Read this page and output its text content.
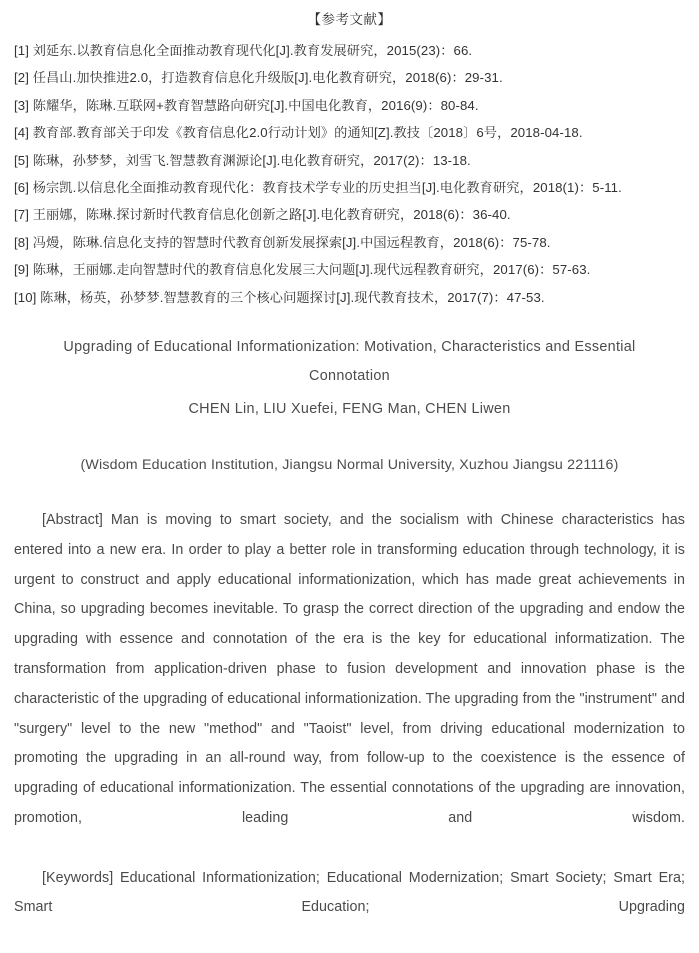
【参考文献】
[1] 刘延东.以教育信息化全面推动教育现代化[J].教育发展研究，2015(23)：66.
[2] 任昌山.加快推进2.0，打造教育信息化升级版[J].电化教育研究，2018(6)：29-31.
[3] 陈耀华，陈琳.互联网+教育智慧路向研究[J].中国电化教育，2016(9)：80-84.
[4] 教育部.教育部关于印发《教育信息化2.0行动计划》的通知[Z].教技〔2018〕6号，2018-04-18.
[5] 陈琳，孙梦梦，刘雪飞.智慧教育渊源论[J].电化教育研究，2017(2)：13-18.
[6] 杨宗凯.以信息化全面推动教育现代化：教育技术学专业的历史担当[J].电化教育研究，2018(1)：5-11.
[7] 王丽娜，陈琳.探讨新时代教育信息化创新之路[J].电化教育研究，2018(6)：36-40.
[8] 冯熳，陈琳.信息化支持的智慧时代教育创新发展探索[J].中国远程教育，2018(6)：75-78.
[9] 陈琳，王丽娜.走向智慧时代的教育信息化发展三大问题[J].现代远程教育研究，2017(6)：57-63.
[10] 陈琳，杨英，孙梦梦.智慧教育的三个核心问题探讨[J].现代教育技术，2017(7)：47-53.
Upgrading of Educational Informationization: Motivation, Characteristics and Essential Connotation
CHEN Lin, LIU Xuefei, FENG Man, CHEN Liwen
(Wisdom Education Institution, Jiangsu Normal University, Xuzhou Jiangsu 221116)
[Abstract] Man is moving to smart society, and the socialism with Chinese characteristics has entered into a new era. In order to play a better role in transforming education through technology, it is urgent to construct and apply educational informationization, which has made great achievements in China, so upgrading becomes inevitable. To grasp the correct direction of the upgrading and endow the upgrading with essence and connotation of the era is the key for educational informatization. The transformation from application-driven phase to fusion development and innovation phase is the characteristic of the upgrading of educational informationization. The upgrading from the "instrument" and "surgery" level to the new "method" and "Taoist" level, from driving educational modernization to promoting the upgrading in an all-round way, from follow-up to the coexistence is the essence of upgrading of educational informationization. The essential connotations of the upgrading are innovation, promotion, leading and wisdom.
[Keywords] Educational Informationization; Educational Modernization; Smart Society; Smart Era; Smart Education; Upgrading
